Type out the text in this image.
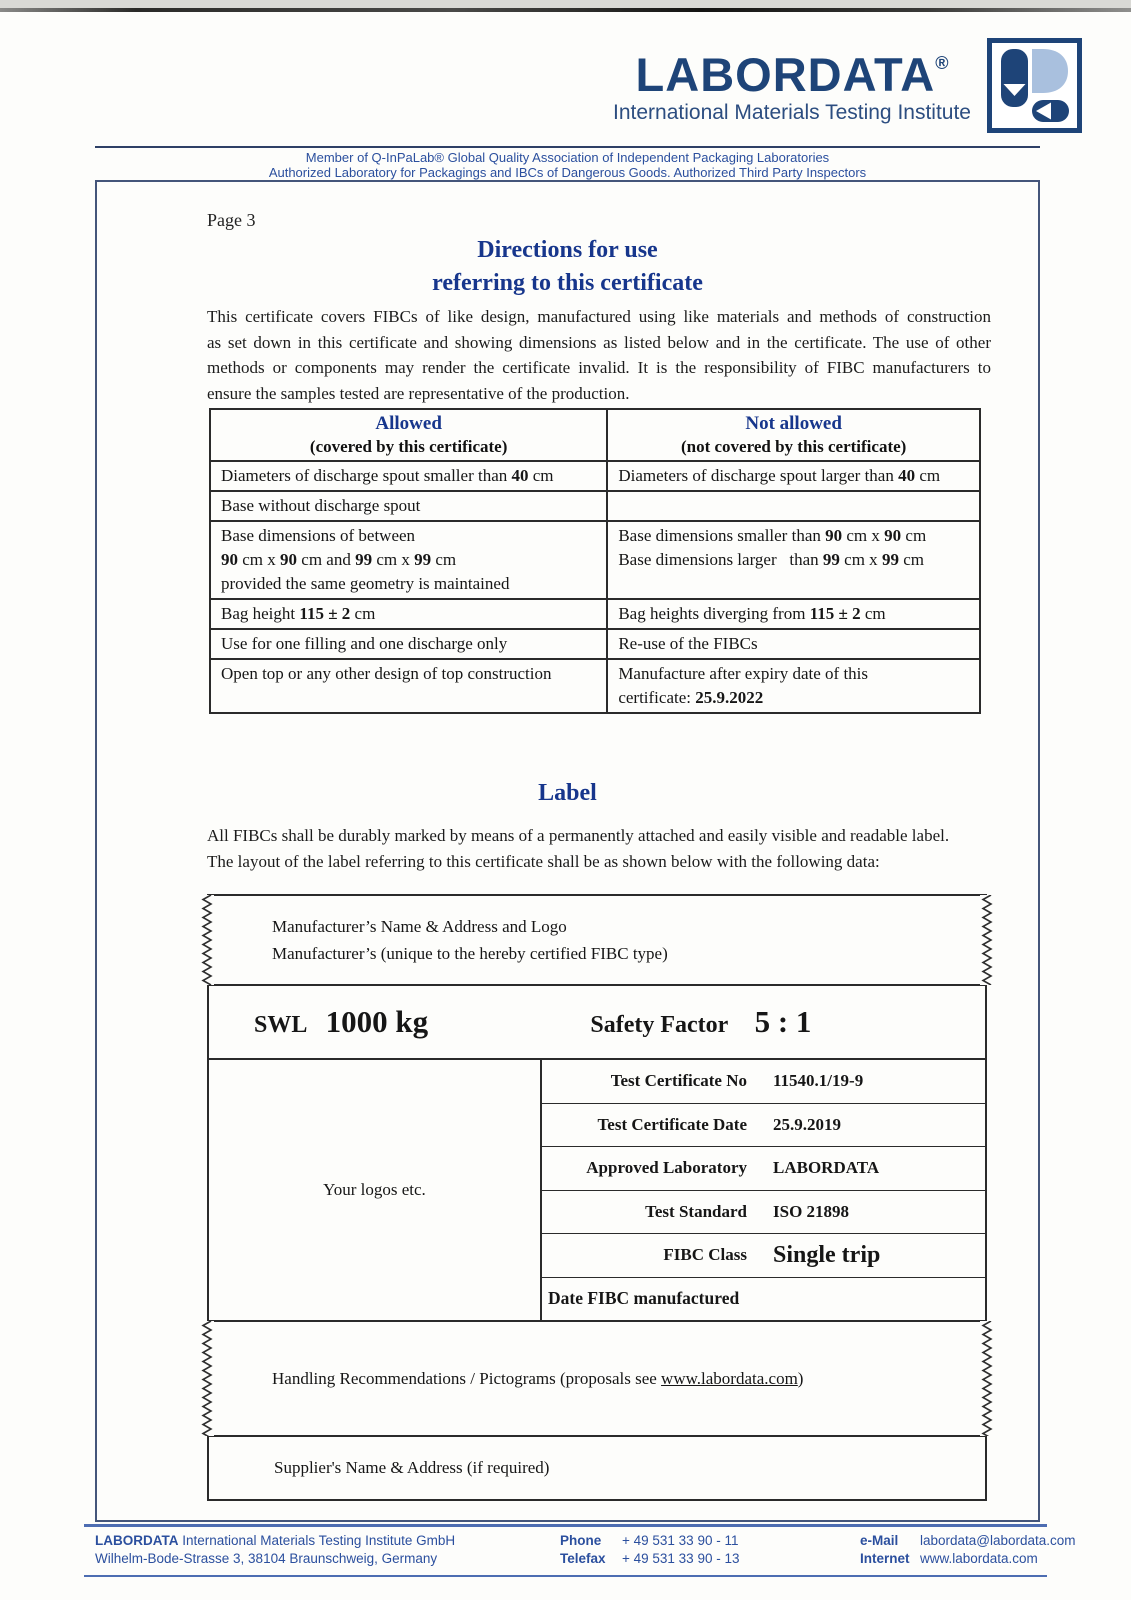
LABORDATA®
International Materials Testing Institute
Member of Q-InPaLab® Global Quality Association of Independent Packaging Laboratories
Authorized Laboratory for Packagings and IBCs of Dangerous Goods. Authorized Third Party Inspectors
Page 3
Directions for use
referring to this certificate
This certificate covers FIBCs of like design, manufactured using like materials and methods of construction
as set down in this certificate and showing dimensions as listed below and in the certificate. The use of other
methods or components may render the certificate invalid. It is the responsibility of FIBC manufacturers to
ensure the samples tested are representative of the production.
Allowed
(covered by this certificate)

Not allowed
(not covered by this certificate)

Diameters of discharge spout smaller than 40 cm	Diameters of discharge spout larger than 40 cm
Base without discharge spout	
Base dimensions of between
90 cm x 90 cm and 99 cm x 99 cm
provided the same geometry is maintained	Base dimensions smaller than 90 cm x 90 cm
Base dimensions larger   than 99 cm x 99 cm
Bag height 115 ± 2 cm	Bag heights diverging from 115 ± 2 cm
Use for one filling and one discharge only	Re-use of the FIBCs
Open top or any other design of top construction	Manufacture after expiry date of this
certificate: 25.9.2022
Label
All FIBCs shall be durably marked by means of a permanently attached and easily visible and readable label.
The layout of the label referring to this certificate shall be as shown below with the following data:
Manufacturer’s Name & Address and Logo
Manufacturer’s (unique to the hereby certified FIBC type)
SWL 1000 kg	Safety Factor 5 : 1
Your logos etc.
Test Certificate No 11540.1/19-9
Test Certificate Date 25.9.2019
Approved Laboratory LABORDATA
Test Standard ISO 21898
FIBC Class Single trip
Date FIBC manufactured
Handling Recommendations / Pictograms (proposals see www.labordata.com)
Supplier's Name & Address (if required)
LABORDATA International Materials Testing Institute GmbH
Wilhelm-Bode-Strasse 3, 38104 Braunschweig, Germany
Phone + 49 531 33 90 - 11
Telefax + 49 531 33 90 - 13
e-Mail labordata@labordata.com
Internet www.labordata.com
